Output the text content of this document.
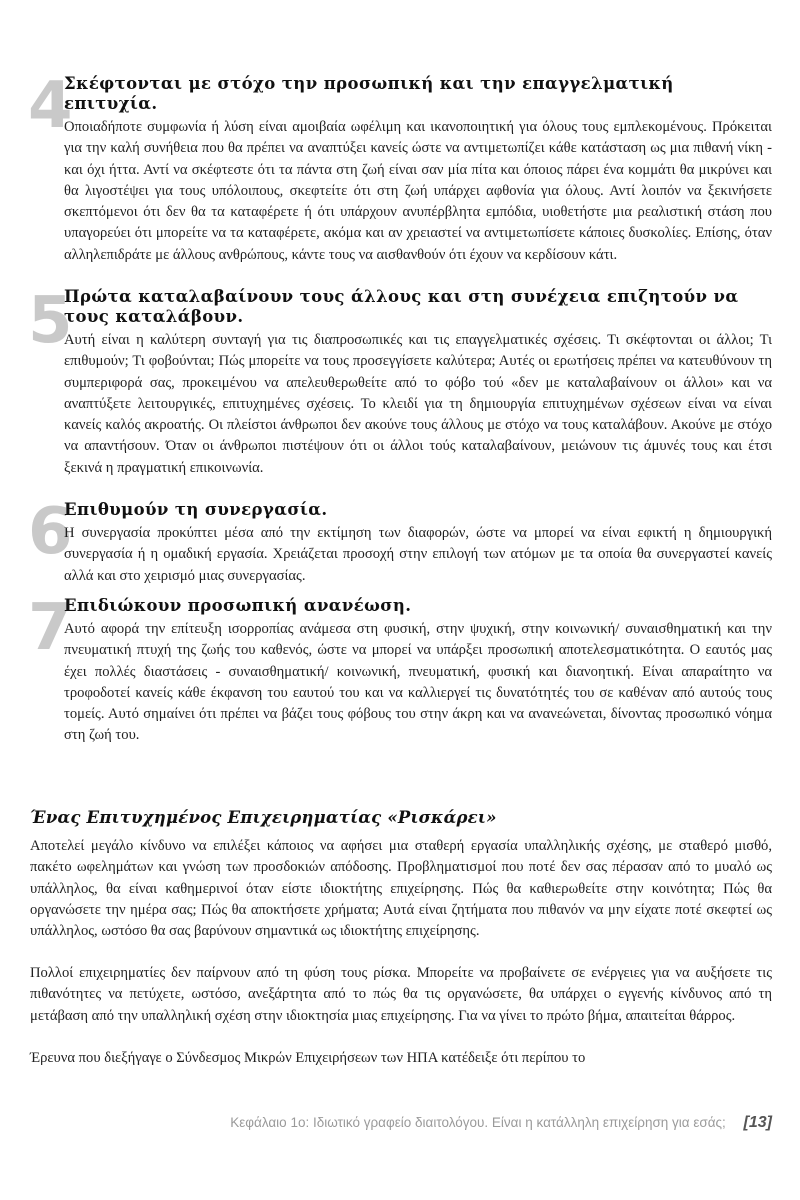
4
Σκέφτονται με στόχο την προσωπική και την επαγγελματική επιτυχία.
Οποιαδήποτε συμφωνία ή λύση είναι αμοιβαία ωφέλιμη και ικανοποιητική για όλους τους εμπλεκομένους. Πρόκειται για την καλή συνήθεια που θα πρέπει να αναπτύξει κανείς ώστε να αντιμετωπίζει κάθε κατάσταση ως μια πιθανή νίκη - και όχι ήττα. Αντί να σκέφτεστε ότι τα πάντα στη ζωή είναι σαν μία πίτα και όποιος πάρει ένα κομμάτι θα μικρύνει και θα λιγοστέψει για τους υπόλοιπους, σκεφτείτε ότι στη ζωή υπάρχει αφθονία για όλους. Αντί λοιπόν να ξεκινήσετε σκεπτόμενοι ότι δεν θα τα καταφέρετε ή ότι υπάρχουν ανυπέρβλητα εμπόδια, υιοθετήστε μια ρεαλιστική στάση που υπαγορεύει ότι μπορείτε να τα καταφέρετε, ακόμα και αν χρειαστεί να αντιμετωπίσετε κάποιες δυσκολίες. Επίσης, όταν αλληλεπιδράτε με άλλους ανθρώπους, κάντε τους να αισθανθούν ότι έχουν να κερδίσουν κάτι.
5
Πρώτα καταλαβαίνουν τους άλλους και στη συνέχεια επιζητούν να τους καταλάβουν.
Αυτή είναι η καλύτερη συνταγή για τις διαπροσωπικές και τις επαγγελματικές σχέσεις. Τι σκέφτονται οι άλλοι; Τι επιθυμούν; Τι φοβούνται; Πώς μπορείτε να τους προσεγγίσετε καλύτερα; Αυτές οι ερωτήσεις πρέπει να κατευθύνουν τη συμπεριφορά σας, προκειμένου να απελευθερωθείτε από το φόβο τού «δεν με καταλαβαίνουν οι άλλοι» και να αναπτύξετε λειτουργικές, επιτυχημένες σχέσεις. Το κλειδί για τη δημιουργία επιτυχημένων σχέσεων είναι να είναι κανείς καλός ακροατής. Οι πλείστοι άνθρωποι δεν ακούνε τους άλλους με στόχο να τους καταλάβουν. Ακούνε με στόχο να απαντήσουν. Όταν οι άνθρωποι πιστέψουν ότι οι άλλοι τούς καταλαβαίνουν, μειώνουν τις άμυνές τους και έτσι ξεκινά η πραγματική επικοινωνία.
6
Επιθυμούν τη συνεργασία.
Η συνεργασία προκύπτει μέσα από την εκτίμηση των διαφορών, ώστε να μπορεί να είναι εφικτή η δημιουργική συνεργασία ή η ομαδική εργασία. Χρειάζεται προσοχή στην επιλογή των ατόμων με τα οποία θα συνεργαστεί κανείς αλλά και στο χειρισμό μιας συνεργασίας.
7
Επιδιώκουν προσωπική ανανέωση.
Αυτό αφορά την επίτευξη ισορροπίας ανάμεσα στη φυσική, στην ψυχική, στην κοινωνική/ συναισθηματική και την πνευματική πτυχή της ζωής του καθενός, ώστε να μπορεί να υπάρξει προσωπική αποτελεσματικότητα. Ο εαυτός μας έχει πολλές διαστάσεις - συναισθηματική/ κοινωνική, πνευματική, φυσική και διανοητική. Είναι απαραίτητο να τροφοδοτεί κανείς κάθε έκφανση του εαυτού του και να καλλιεργεί τις δυνατότητές του σε καθέναν από αυτούς τους τομείς. Αυτό σημαίνει ότι πρέπει να βάζει τους φόβους του στην άκρη και να ανανεώνεται, δίνοντας προσωπικό νόημα στη ζωή του.
Ένας Επιτυχημένος Επιχειρηματίας «Ρισκάρει»
Αποτελεί μεγάλο κίνδυνο να επιλέξει κάποιος να αφήσει μια σταθερή εργασία υπαλληλικής σχέσης, με σταθερό μισθό, πακέτο ωφελημάτων και γνώση των προσδοκιών απόδοσης. Προβληματισμοί που ποτέ δεν σας πέρασαν από το μυαλό ως υπάλληλος, θα είναι καθημερινοί όταν είστε ιδιοκτήτης επιχείρησης. Πώς θα καθιερωθείτε στην κοινότητα; Πώς θα οργανώσετε την ημέρα σας; Πώς θα αποκτήσετε χρήματα; Αυτά είναι ζητήματα που πιθανόν να μην είχατε ποτέ σκεφτεί ως υπάλληλος, ωστόσο θα σας βαρύνουν σημαντικά ως ιδιοκτήτης επιχείρησης.
Πολλοί επιχειρηματίες δεν παίρνουν από τη φύση τους ρίσκα. Μπορείτε να προβαίνετε σε ενέργειες για να αυξήσετε τις πιθανότητες να πετύχετε, ωστόσο, ανεξάρτητα από το πώς θα τις οργανώσετε, θα υπάρχει ο εγγενής κίνδυνος από τη μετάβαση από την υπαλληλική σχέση στην ιδιοκτησία μιας επιχείρησης. Για να γίνει το πρώτο βήμα, απαιτείται θάρρος.
Έρευνα που διεξήγαγε ο Σύνδεσμος Μικρών Επιχειρήσεων των ΗΠΑ κατέδειξε ότι περίπου το
Κεφάλαιο 1ο: Ιδιωτικό γραφείο διαιτολόγου. Είναι η κατάλληλη επιχείρηση για εσάς; [13]
